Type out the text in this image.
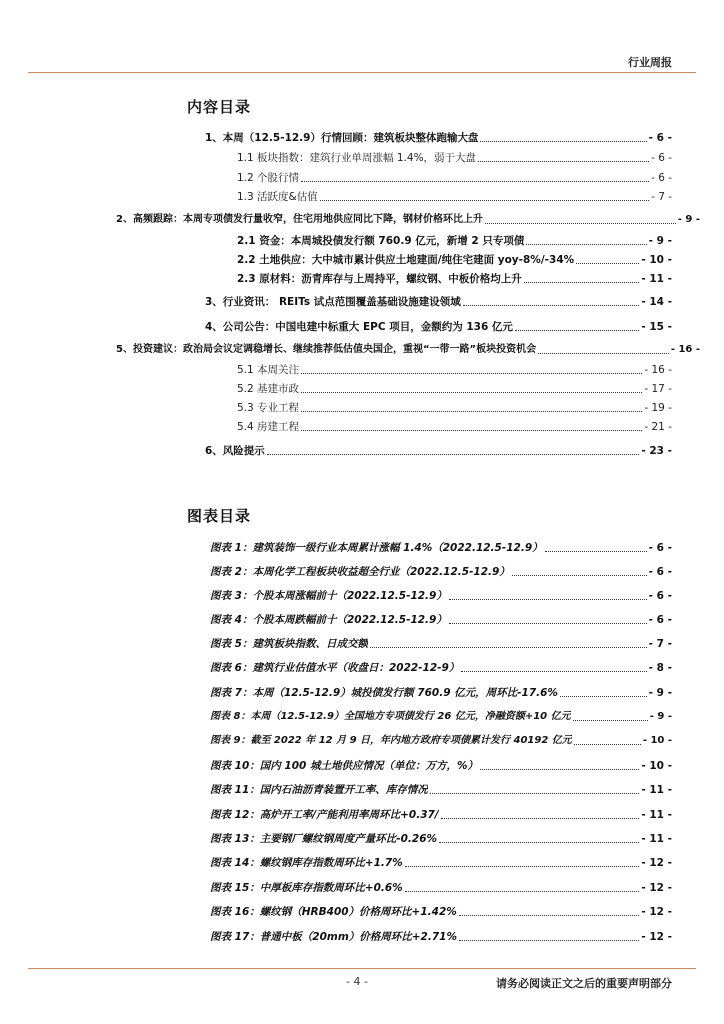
行业周报
内容目录
1、本周（12.5-12.9）行情回顾：建筑板块整体跑输大盘	- 6 -
1.1 板块指数：建筑行业单周涨幅 1.4%，弱于大盘	- 6 -
1.2 个股行情	- 6 -
1.3 活跃度&估值	- 7 -
2、高频跟踪：本周专项债发行量收窄，住宅用地供应同比下降，钢材价格环比上升	- 9 -
2.1 资金：本周城投债发行额 760.9 亿元，新增 2 只专项债	- 9 -
2.2 土地供应：大中城市累计供应土地建面/纯住宅建面 yoy-8%/-34%	- 10 -
2.3 原材料：沥青库存与上周持平，螺纹钢、中板价格均上升	- 11 -
3、行业资讯： REITs 试点范围覆盖基础设施建设领域	- 14 -
4、公司公告：中国电建中标重大 EPC 项目，金额约为 136 亿元	- 15 -
5、投资建议：政治局会议定调稳增长、继续推荐低估值央国企，重视“一带一路”板块投资机会	- 16 -
5.1 本周关注	- 16 -
5.2 基建市政	- 17 -
5.3 专业工程	- 19 -
5.4 房建工程	- 21 -
6、风险提示	- 23 -
图表目录
图表 1：建筑装饰一级行业本周累计涨幅 1.4%（2022.12.5-12.9）	- 6 -
图表 2：本周化学工程板块收益超全行业（2022.12.5-12.9）	- 6 -
图表 3：个股本周涨幅前十（2022.12.5-12.9）	- 6 -
图表 4：个股本周跌幅前十（2022.12.5-12.9）	- 6 -
图表 5：建筑板块指数、日成交额	- 7 -
图表 6：建筑行业估值水平（收盘日：2022-12-9）	- 8 -
图表 7：本周（12.5-12.9）城投债发行额 760.9 亿元，周环比-17.6%	- 9 -
图表 8：本周（12.5-12.9）全国地方专项债发行 26 亿元，净融资额+10 亿元	- 9 -
图表 9：截至 2022 年 12 月 9 日，年内地方政府专项债累计发行 40192 亿元	- 10 -
图表 10：国内 100 城土地供应情况（单位：万方，%）	- 10 -
图表 11：国内石油沥青装置开工率、库存情况	- 11 -
图表 12：高炉开工率/产能利用率周环比+0.37/	- 11 -
图表 13：主要钢厂螺纹钢周度产量环比-0.26%	- 11 -
图表 14：螺纹钢库存指数周环比+1.7%	- 12 -
图表 15：中厚板库存指数周环比+0.6%	- 12 -
图表 16：螺纹钢（HRB400）价格周环比+1.42%	- 12 -
图表 17：普通中板（20mm）价格周环比+2.71%	- 12 -
- 4 -	请务必阅读正文之后的重要声明部分
